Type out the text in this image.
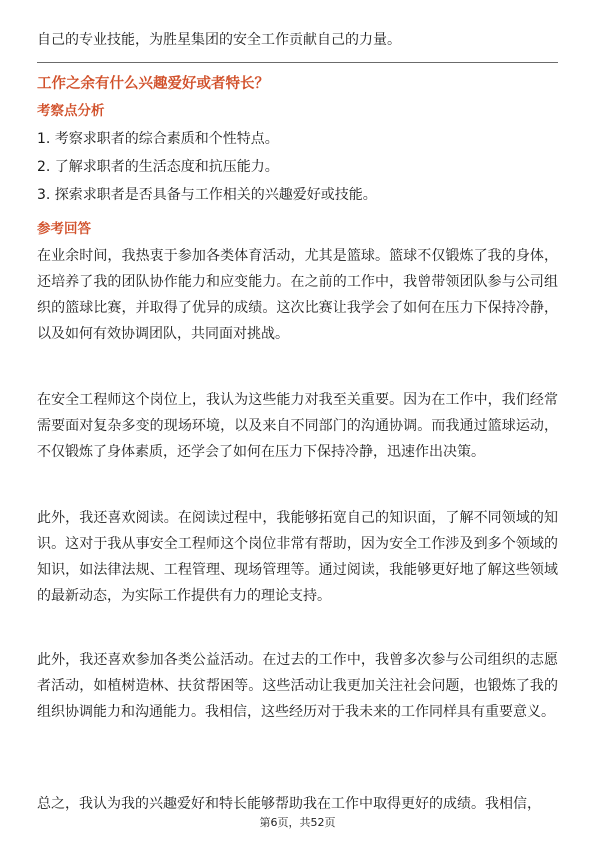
自己的专业技能，为胜星集团的安全工作贡献自己的力量。

工作之余有什么兴趣爱好或者特长？

考察点分析

1. 考察求职者的综合素质和个性特点。
2. 了解求职者的生活态度和抗压能力。
3. 探索求职者是否具备与工作相关的兴趣爱好或技能。

参考回答

在业余时间，我热衷于参加各类体育活动，尤其是篮球。篮球不仅锻炼了我的身体，还培养了我的团队协作能力和应变能力。在之前的工作中，我曾带领团队参与公司组织的篮球比赛，并取得了优异的成绩。这次比赛让我学会了如何在压力下保持冷静，以及如何有效协调团队，共同面对挑战。

在安全工程师这个岗位上，我认为这些能力对我至关重要。因为在工作中，我们经常需要面对复杂多变的现场环境，以及来自不同部门的沟通协调。而我通过篮球运动，不仅锻炼了身体素质，还学会了如何在压力下保持冷静，迅速作出决策。

此外，我还喜欢阅读。在阅读过程中，我能够拓宽自己的知识面，了解不同领域的知识。这对于我从事安全工程师这个岗位非常有帮助，因为安全工作涉及到多个领域的知识，如法律法规、工程管理、现场管理等。通过阅读，我能够更好地了解这些领域的最新动态，为实际工作提供有力的理论支持。

此外，我还喜欢参加各类公益活动。在过去的工作中，我曾多次参与公司组织的志愿者活动，如植树造林、扶贫帮困等。这些活动让我更加关注社会问题，也锻炼了我的组织协调能力和沟通能力。我相信，这些经历对于我未来的工作同样具有重要意义。

总之，我认为我的兴趣爱好和特长能够帮助我在工作中取得更好的成绩。我相信，

第6页，共52页
